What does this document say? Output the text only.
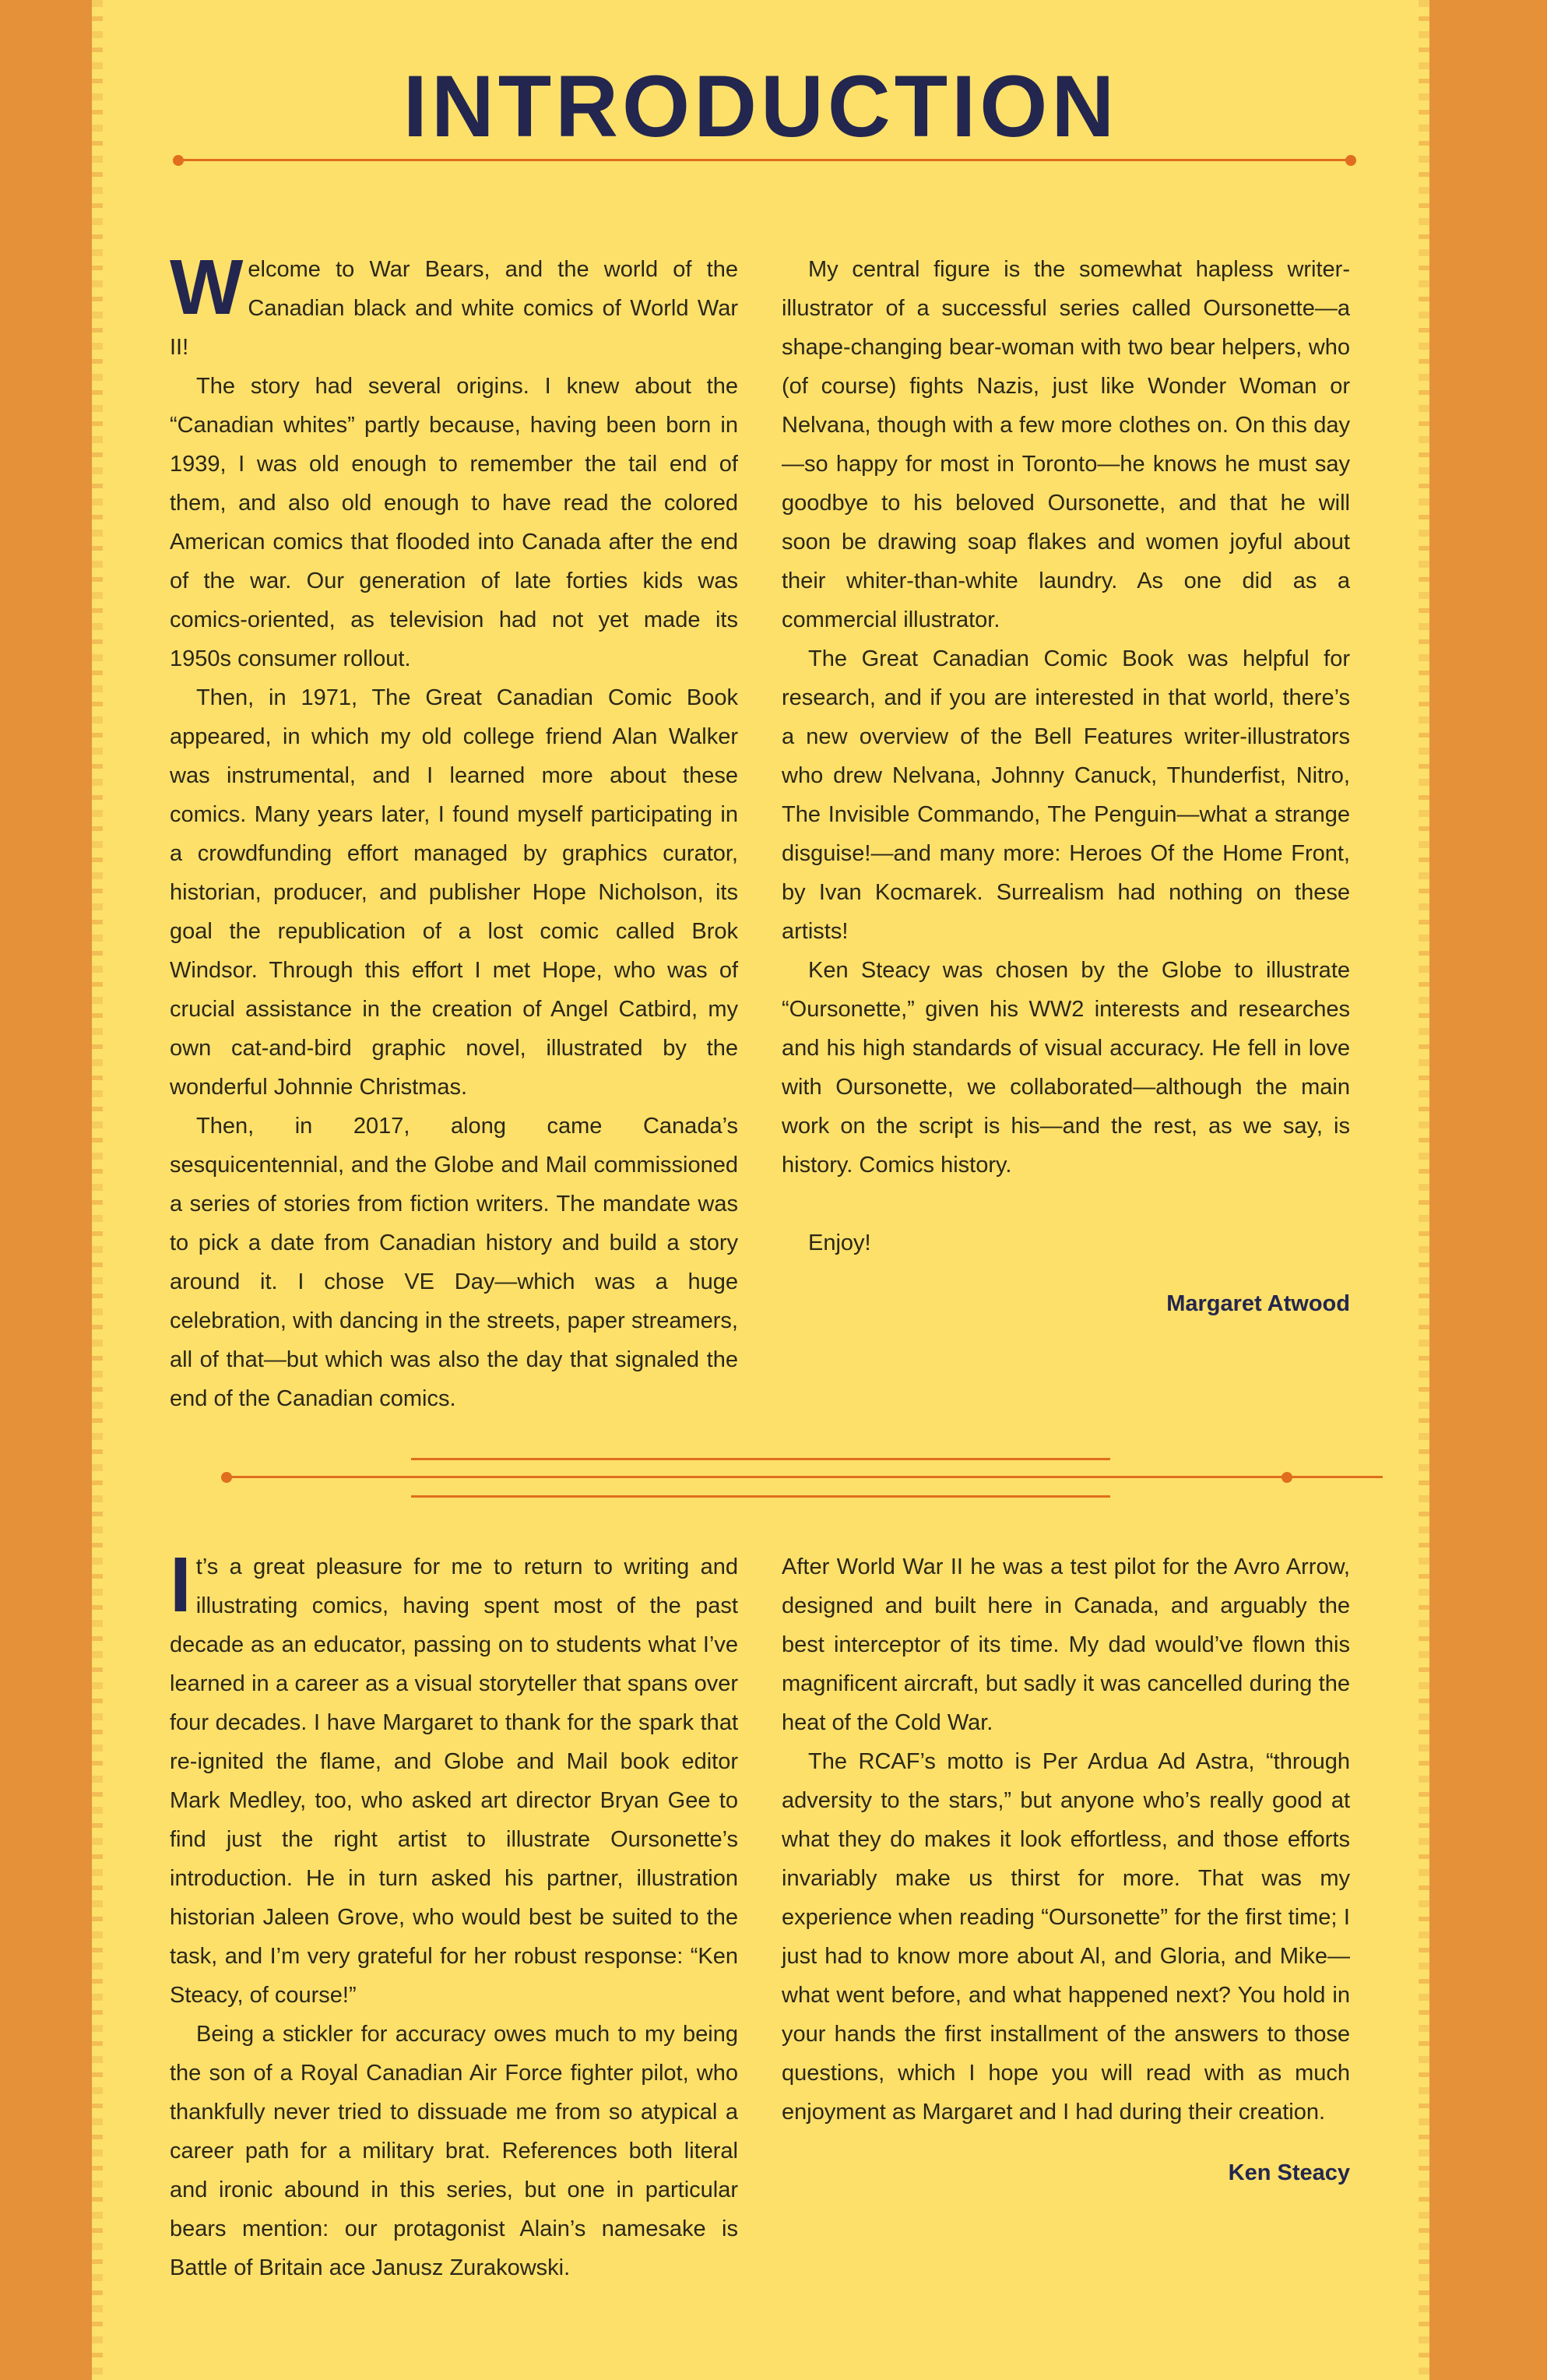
INTRODUCTION

Welcome to War Bears, and the world of the Canadian black and white comics of World War II!

The story had several origins. I knew about the “Canadian whites” partly because, having been born in 1939, I was old enough to remember the tail end of them, and also old enough to have read the colored American comics that flooded into Canada after the end of the war. Our generation of late forties kids was comics-oriented, as television had not yet made its 1950s consumer rollout.

Then, in 1971, The Great Canadian Comic Book appeared, in which my old college friend Alan Walker was instrumental, and I learned more about these comics. Many years later, I found myself participating in a crowdfunding effort managed by graphics curator, historian, producer, and publisher Hope Nicholson, its goal the republication of a lost comic called Brok Windsor. Through this effort I met Hope, who was of crucial assistance in the creation of Angel Catbird, my own cat-and-bird graphic novel, illustrated by the wonderful Johnnie Christmas.

Then, in 2017, along came Canada’s sesquicentennial, and the Globe and Mail commissioned a series of stories from fiction writers. The mandate was to pick a date from Canadian history and build a story around it. I chose VE Day—which was a huge celebration, with dancing in the streets, paper streamers, all of that—but which was also the day that signaled the end of the Canadian comics.

My central figure is the somewhat hapless writer-illustrator of a successful series called Oursonette—a shape-changing bear-woman with two bear helpers, who (of course) fights Nazis, just like Wonder Woman or Nelvana, though with a few more clothes on. On this day—so happy for most in Toronto—he knows he must say goodbye to his beloved Oursonette, and that he will soon be drawing soap flakes and women joyful about their whiter-than-white laundry. As one did as a commercial illustrator.

The Great Canadian Comic Book was helpful for research, and if you are interested in that world, there’s a new overview of the Bell Features writer-illustrators who drew Nelvana, Johnny Canuck, Thunderfist, Nitro, The Invisible Commando, The Penguin—what a strange disguise!—and many more: Heroes Of the Home Front, by Ivan Kocmarek. Surrealism had nothing on these artists!

Ken Steacy was chosen by the Globe to illustrate “Oursonette,” given his WW2 interests and researches and his high standards of visual accuracy. He fell in love with Oursonette, we collaborated—although the main work on the script is his—and the rest, as we say, is history. Comics history.

Enjoy!

Margaret Atwood

It’s a great pleasure for me to return to writing and illustrating comics, having spent most of the past decade as an educator, passing on to students what I’ve learned in a career as a visual storyteller that spans over four decades. I have Margaret to thank for the spark that re-ignited the flame, and Globe and Mail book editor Mark Medley, too, who asked art director Bryan Gee to find just the right artist to illustrate Oursonette’s introduction. He in turn asked his partner, illustration historian Jaleen Grove, who would best be suited to the task, and I’m very grateful for her robust response: “Ken Steacy, of course!”

Being a stickler for accuracy owes much to my being the son of a Royal Canadian Air Force fighter pilot, who thankfully never tried to dissuade me from so atypical a career path for a military brat. References both literal and ironic abound in this series, but one in particular bears mention: our protagonist Alain’s namesake is Battle of Britain ace Janusz Zurakowski.

After World War II he was a test pilot for the Avro Arrow, designed and built here in Canada, and arguably the best interceptor of its time. My dad would’ve flown this magnificent aircraft, but sadly it was cancelled during the heat of the Cold War.

The RCAF’s motto is Per Ardua Ad Astra, “through adversity to the stars,” but anyone who’s really good at what they do makes it look effortless, and those efforts invariably make us thirst for more. That was my experience when reading “Oursonette” for the first time; I just had to know more about Al, and Gloria, and Mike—what went before, and what happened next? You hold in your hands the first installment of the answers to those questions, which I hope you will read with as much enjoyment as Margaret and I had during their creation.

Ken Steacy
